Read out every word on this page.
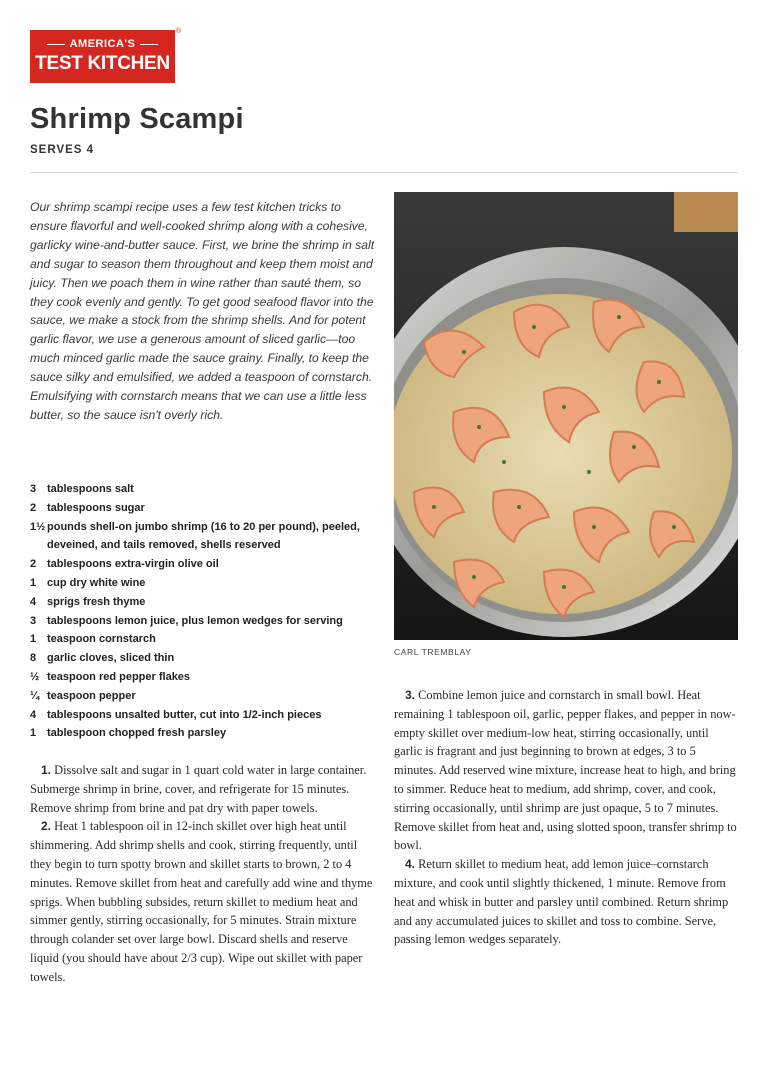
AMERICA'S
TEST KITCHEN
®
Shrimp Scampi
SERVES 4

Our shrimp scampi recipe uses a few test kitchen tricks to ensure flavorful and well-cooked shrimp along with a cohesive, garlicky wine-and-butter sauce. First, we brine the shrimp in salt and sugar to season them throughout and keep them moist and juicy. Then we poach them in wine rather than sauté them, so they cook evenly and gently. To get good seafood flavor into the sauce, we make a stock from the shrimp shells. And for potent garlic flavor, we use a generous amount of sliced garlic—too much minced garlic made the sauce grainy. Finally, to keep the sauce silky and emulsified, we added a teaspoon of cornstarch. Emulsifying with cornstarch means that we can use a little less butter, so the sauce isn't overly rich.

3 tablespoons salt
2 tablespoons sugar
1½ pounds shell-on jumbo shrimp (16 to 20 per pound), peeled, deveined, and tails removed, shells reserved
2 tablespoons extra-virgin olive oil
1 cup dry white wine
4 sprigs fresh thyme
3 tablespoons lemon juice, plus lemon wedges for serving
1 teaspoon cornstarch
8 garlic cloves, sliced thin
½ teaspoon red pepper flakes
¼ teaspoon pepper
4 tablespoons unsalted butter, cut into 1/2-inch pieces
1 tablespoon chopped fresh parsley

1. Dissolve salt and sugar in 1 quart cold water in large container. Submerge shrimp in brine, cover, and refrigerate for 15 minutes. Remove shrimp from brine and pat dry with paper towels.

2. Heat 1 tablespoon oil in 12-inch skillet over high heat until shimmering. Add shrimp shells and cook, stirring frequently, until they begin to turn spotty brown and skillet starts to brown, 2 to 4 minutes. Remove skillet from heat and carefully add wine and thyme sprigs. When bubbling subsides, return skillet to medium heat and simmer gently, stirring occasionally, for 5 minutes. Strain mixture through colander set over large bowl. Discard shells and reserve liquid (you should have about 2/3 cup). Wipe out skillet with paper towels.

CARL TREMBLAY

3. Combine lemon juice and cornstarch in small bowl. Heat remaining 1 tablespoon oil, garlic, pepper flakes, and pepper in now-empty skillet over medium-low heat, stirring occasionally, until garlic is fragrant and just beginning to brown at edges, 3 to 5 minutes. Add reserved wine mixture, increase heat to high, and bring to simmer. Reduce heat to medium, add shrimp, cover, and cook, stirring occasionally, until shrimp are just opaque, 5 to 7 minutes. Remove skillet from heat and, using slotted spoon, transfer shrimp to bowl.

4. Return skillet to medium heat, add lemon juice–cornstarch mixture, and cook until slightly thickened, 1 minute. Remove from heat and whisk in butter and parsley until combined. Return shrimp and any accumulated juices to skillet and toss to combine. Serve, passing lemon wedges separately.
